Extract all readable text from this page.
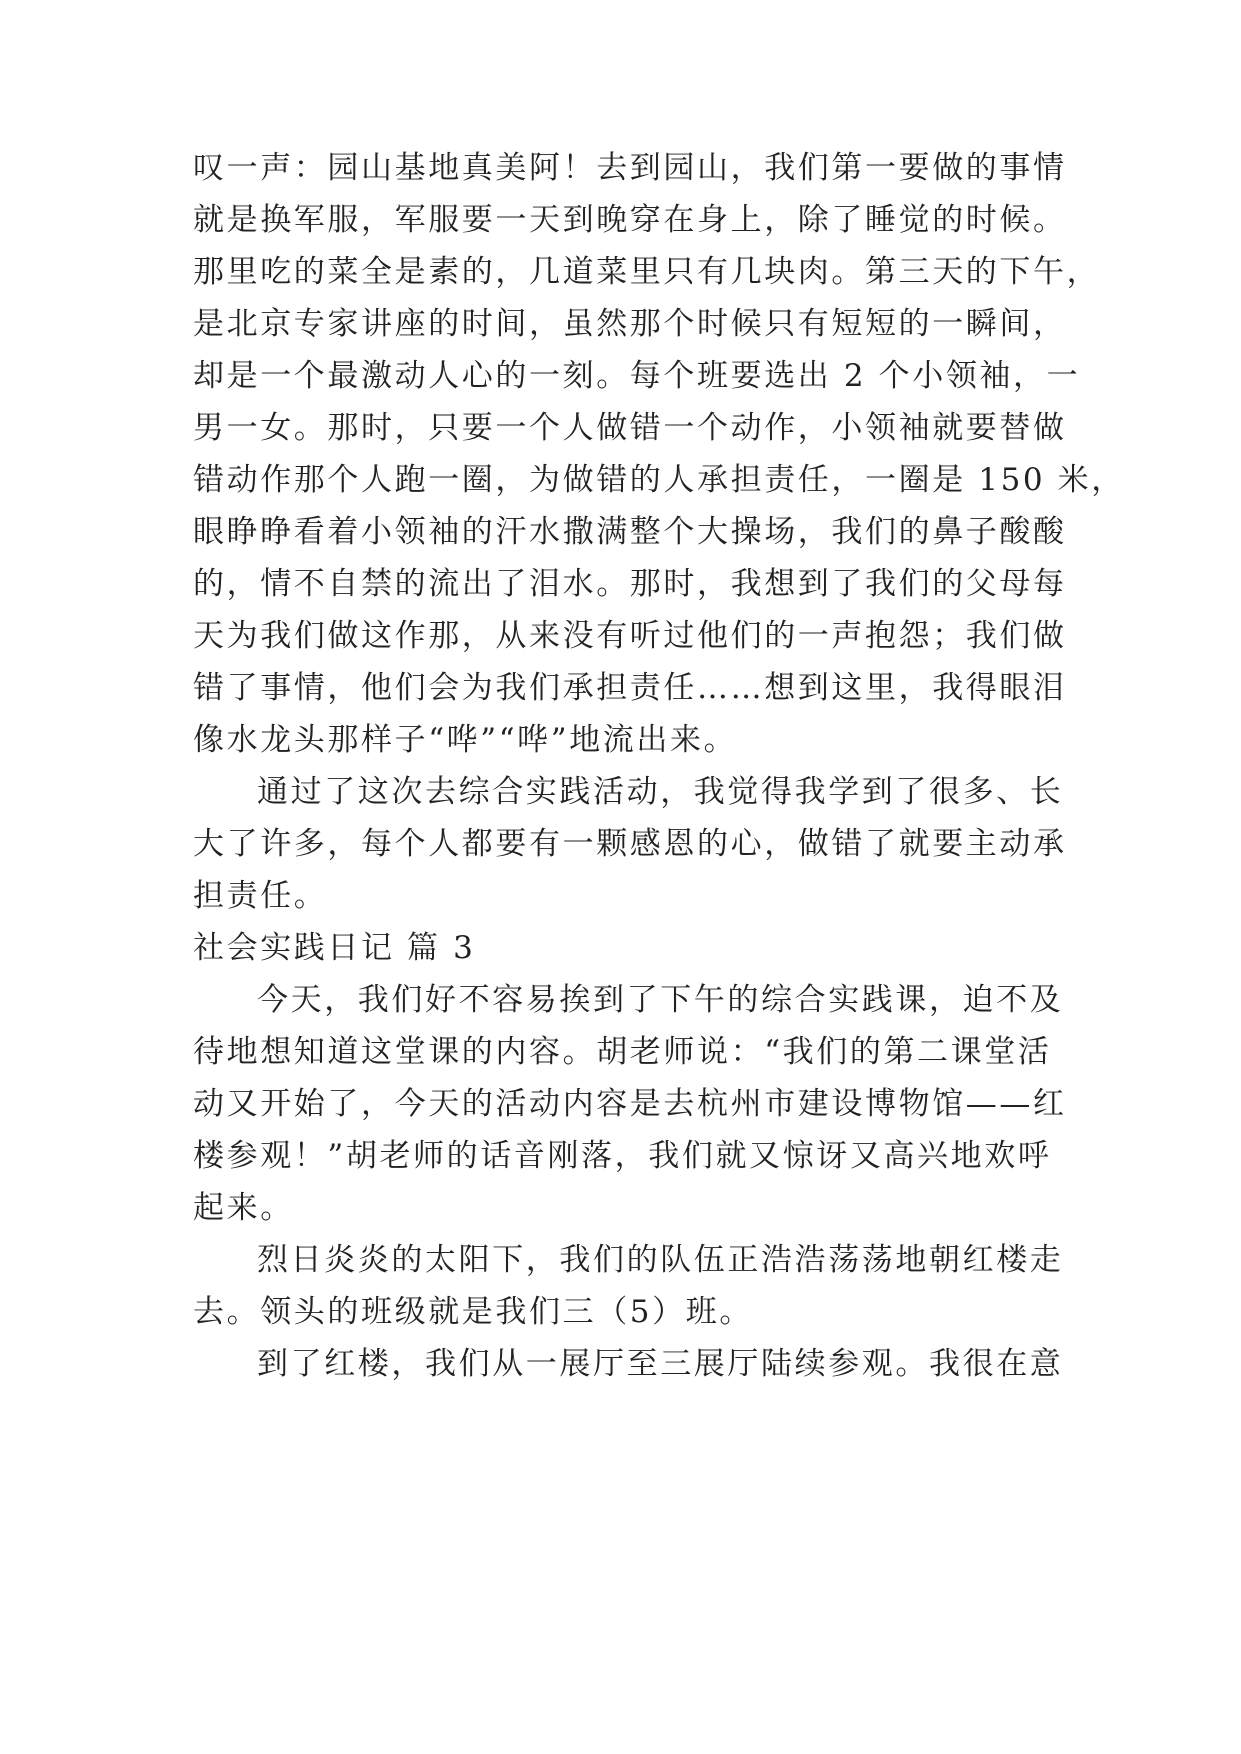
叹一声：园山基地真美阿！去到园山，我们第一要做的事情
就是换军服，军服要一天到晚穿在身上，除了睡觉的时候。
那里吃的菜全是素的，几道菜里只有几块肉。第三天的下午，
是北京专家讲座的时间，虽然那个时候只有短短的一瞬间，
却是一个最激动人心的一刻。每个班要选出 2 个小领袖，一
男一女。那时，只要一个人做错一个动作，小领袖就要替做
错动作那个人跑一圈，为做错的人承担责任，一圈是 150 米，
眼睁睁看着小领袖的汗水撒满整个大操场，我们的鼻子酸酸
的，情不自禁的流出了泪水。那时，我想到了我们的父母每
天为我们做这作那，从来没有听过他们的一声抱怨；我们做
错了事情，他们会为我们承担责任……想到这里，我得眼泪
像水龙头那样子“哗”“哗”地流出来。
通过了这次去综合实践活动，我觉得我学到了很多、长
大了许多，每个人都要有一颗感恩的心，做错了就要主动承
担责任。
社会实践日记 篇 3
今天，我们好不容易挨到了下午的综合实践课，迫不及
待地想知道这堂课的内容。胡老师说：“我们的第二课堂活
动又开始了，今天的活动内容是去杭州市建设博物馆——红
楼参观！”胡老师的话音刚落，我们就又惊讶又高兴地欢呼
起来。
烈日炎炎的太阳下，我们的队伍正浩浩荡荡地朝红楼走
去。领头的班级就是我们三（5）班。
到了红楼，我们从一展厅至三展厅陆续参观。我很在意
